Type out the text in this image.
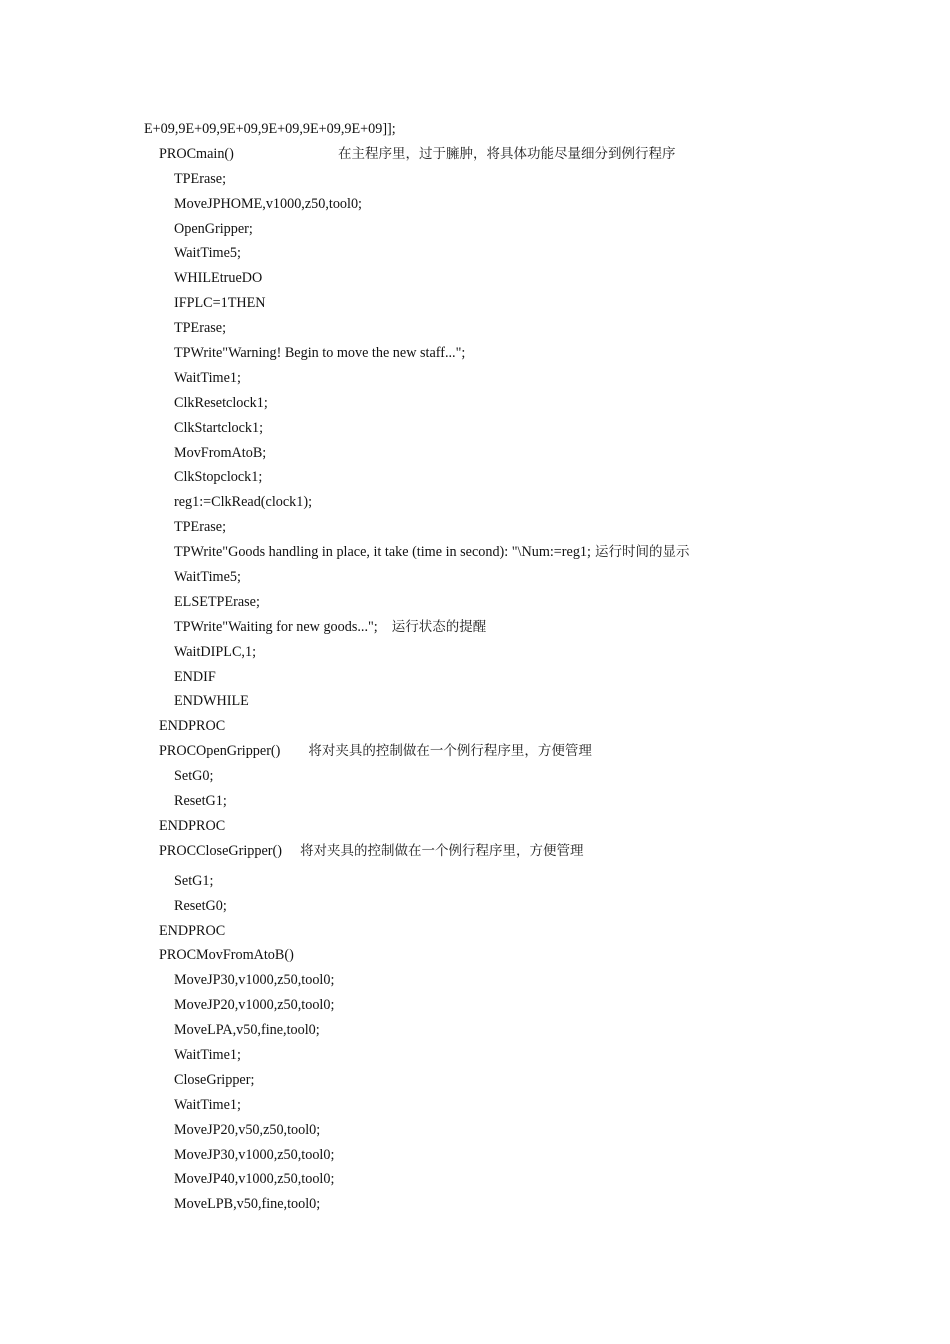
E+09,9E+09,9E+09,9E+09,9E+09,9E+09]];
PROCmain()	在主程序里，过于臃肿，将具体功能尽量细分到例行程序
TPErase;
MoveJPHOME,v1000,z50,tool0;
OpenGripper;
WaitTime5;
WHILEtrueDO
IFPLC=1THEN
TPErase;
TPWrite"Warning! Begin to move the new staff...";
WaitTime1;
ClkResetclock1;
ClkStartclock1;
MovFromAtoB;
ClkStopclock1;
reg1:=ClkRead(clock1);
TPErase;
TPWrite"Goods handling in place, it take (time in second): "\Num:=reg1; 运行时间的显示
WaitTime5;
ELSETPErase;
TPWrite"Waiting for new goods..."; 运行状态的提醒
WaitDIPLC,1;
ENDIF
ENDWHILE
ENDPROC
PROCOpenGripper() 将对夹具的控制做在一个例行程序里，方便管理
SetG0;
ResetG1;
ENDPROC
PROCCloseGripper() 将对夹具的控制做在一个例行程序里，方便管理
SetG1;
ResetG0;
ENDPROC
PROCMovFromAtoB()
MoveJP30,v1000,z50,tool0;
MoveJP20,v1000,z50,tool0;
MoveLPA,v50,fine,tool0;
WaitTime1;
CloseGripper;
WaitTime1;
MoveJP20,v50,z50,tool0;
MoveJP30,v1000,z50,tool0;
MoveJP40,v1000,z50,tool0;
MoveLPB,v50,fine,tool0;
